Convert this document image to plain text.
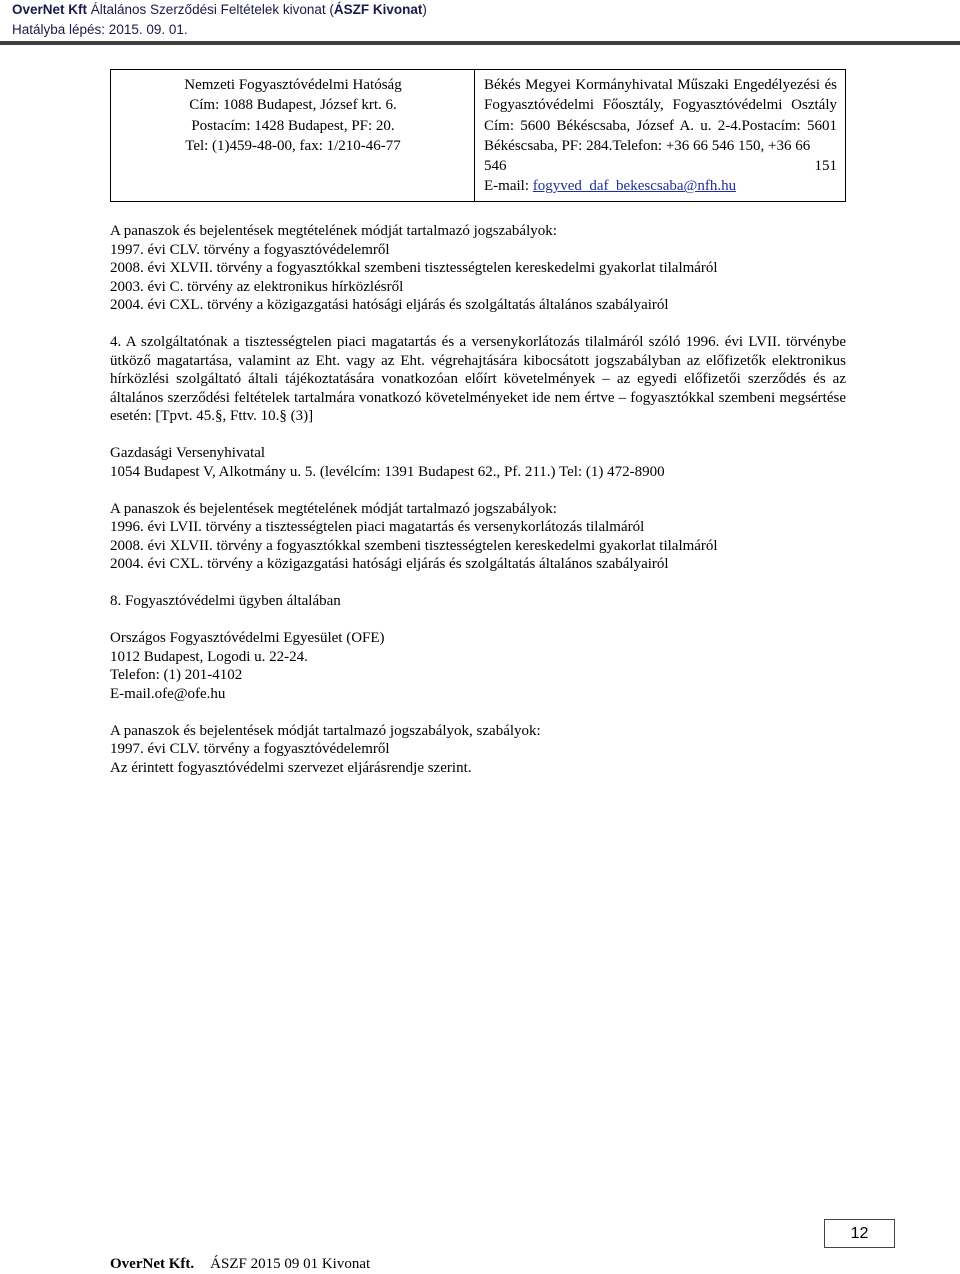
OverNet Kft Általános Szerződési Feltételek kivonat (ÁSZF Kivonat)
Hatályba lépés: 2015. 09. 01.
Nemzeti Fogyasztóvédelmi Hatóság
Cím: 1088 Budapest, József krt. 6.
Postacím: 1428 Budapest, PF: 20.
Tel: (1)459-48-00, fax: 1/210-46-77

Békés Megyei Kormányhivatal Műszaki Engedélyezési és Fogyasztóvédelmi Főosztály, Fogyasztóvédelmi Osztály Cím: 5600 Békéscsaba, József A. u. 2-4.Postacím: 5601 Békéscsaba, PF: 284.Telefon: +36 66 546 150, +36 66
546	151
E-mail: fogyved_daf_bekescsaba@nfh.hu

A panaszok és bejelentések megtételének módját tartalmazó jogszabályok:

1997. évi CLV. törvény a fogyasztóvédelemről

2008. évi XLVII. törvény a fogyasztókkal szembeni tisztességtelen kereskedelmi gyakorlat tilalmáról

2003. évi C. törvény az elektronikus hírközlésről

2004. évi CXL. törvény a közigazgatási hatósági eljárás és szolgáltatás általános szabályairól

4. A szolgáltatónak a tisztességtelen piaci magatartás és a versenykorlátozás tilalmáról szóló 1996. évi LVII. törvénybe ütköző magatartása, valamint az Eht. vagy az Eht. végrehajtására kibocsátott jogszabályban az előfizetők elektronikus hírközlési szolgáltató általi tájékoztatására vonatkozóan előírt követelmények – az egyedi előfizetői szerződés és az általános szerződési feltételek tartalmára vonatkozó követelményeket ide nem értve – fogyasztókkal szembeni megsértése esetén: [Tpvt. 45.§, Fttv. 10.§ (3)]

Gazdasági Versenyhivatal

1054 Budapest V, Alkotmány u. 5. (levélcím: 1391 Budapest 62., Pf. 211.) Tel: (1) 472-8900

A panaszok és bejelentések megtételének módját tartalmazó jogszabályok:

1996. évi LVII. törvény a tisztességtelen piaci magatartás és versenykorlátozás tilalmáról

2008. évi XLVII. törvény a fogyasztókkal szembeni tisztességtelen kereskedelmi gyakorlat tilalmáról

2004. évi CXL. törvény a közigazgatási hatósági eljárás és szolgáltatás általános szabályairól

8. Fogyasztóvédelmi ügyben általában

Országos Fogyasztóvédelmi Egyesület (OFE)

1012 Budapest, Logodi u. 22-24.

Telefon: (1) 201-4102

E-mail.ofe@ofe.hu

A panaszok és bejelentések módját tartalmazó jogszabályok, szabályok:

1997. évi CLV. törvény a fogyasztóvédelemről

Az érintett fogyasztóvédelmi szervezet eljárásrendje szerint.

12
OverNet Kft. ÁSZF 2015 09 01 Kivonat
